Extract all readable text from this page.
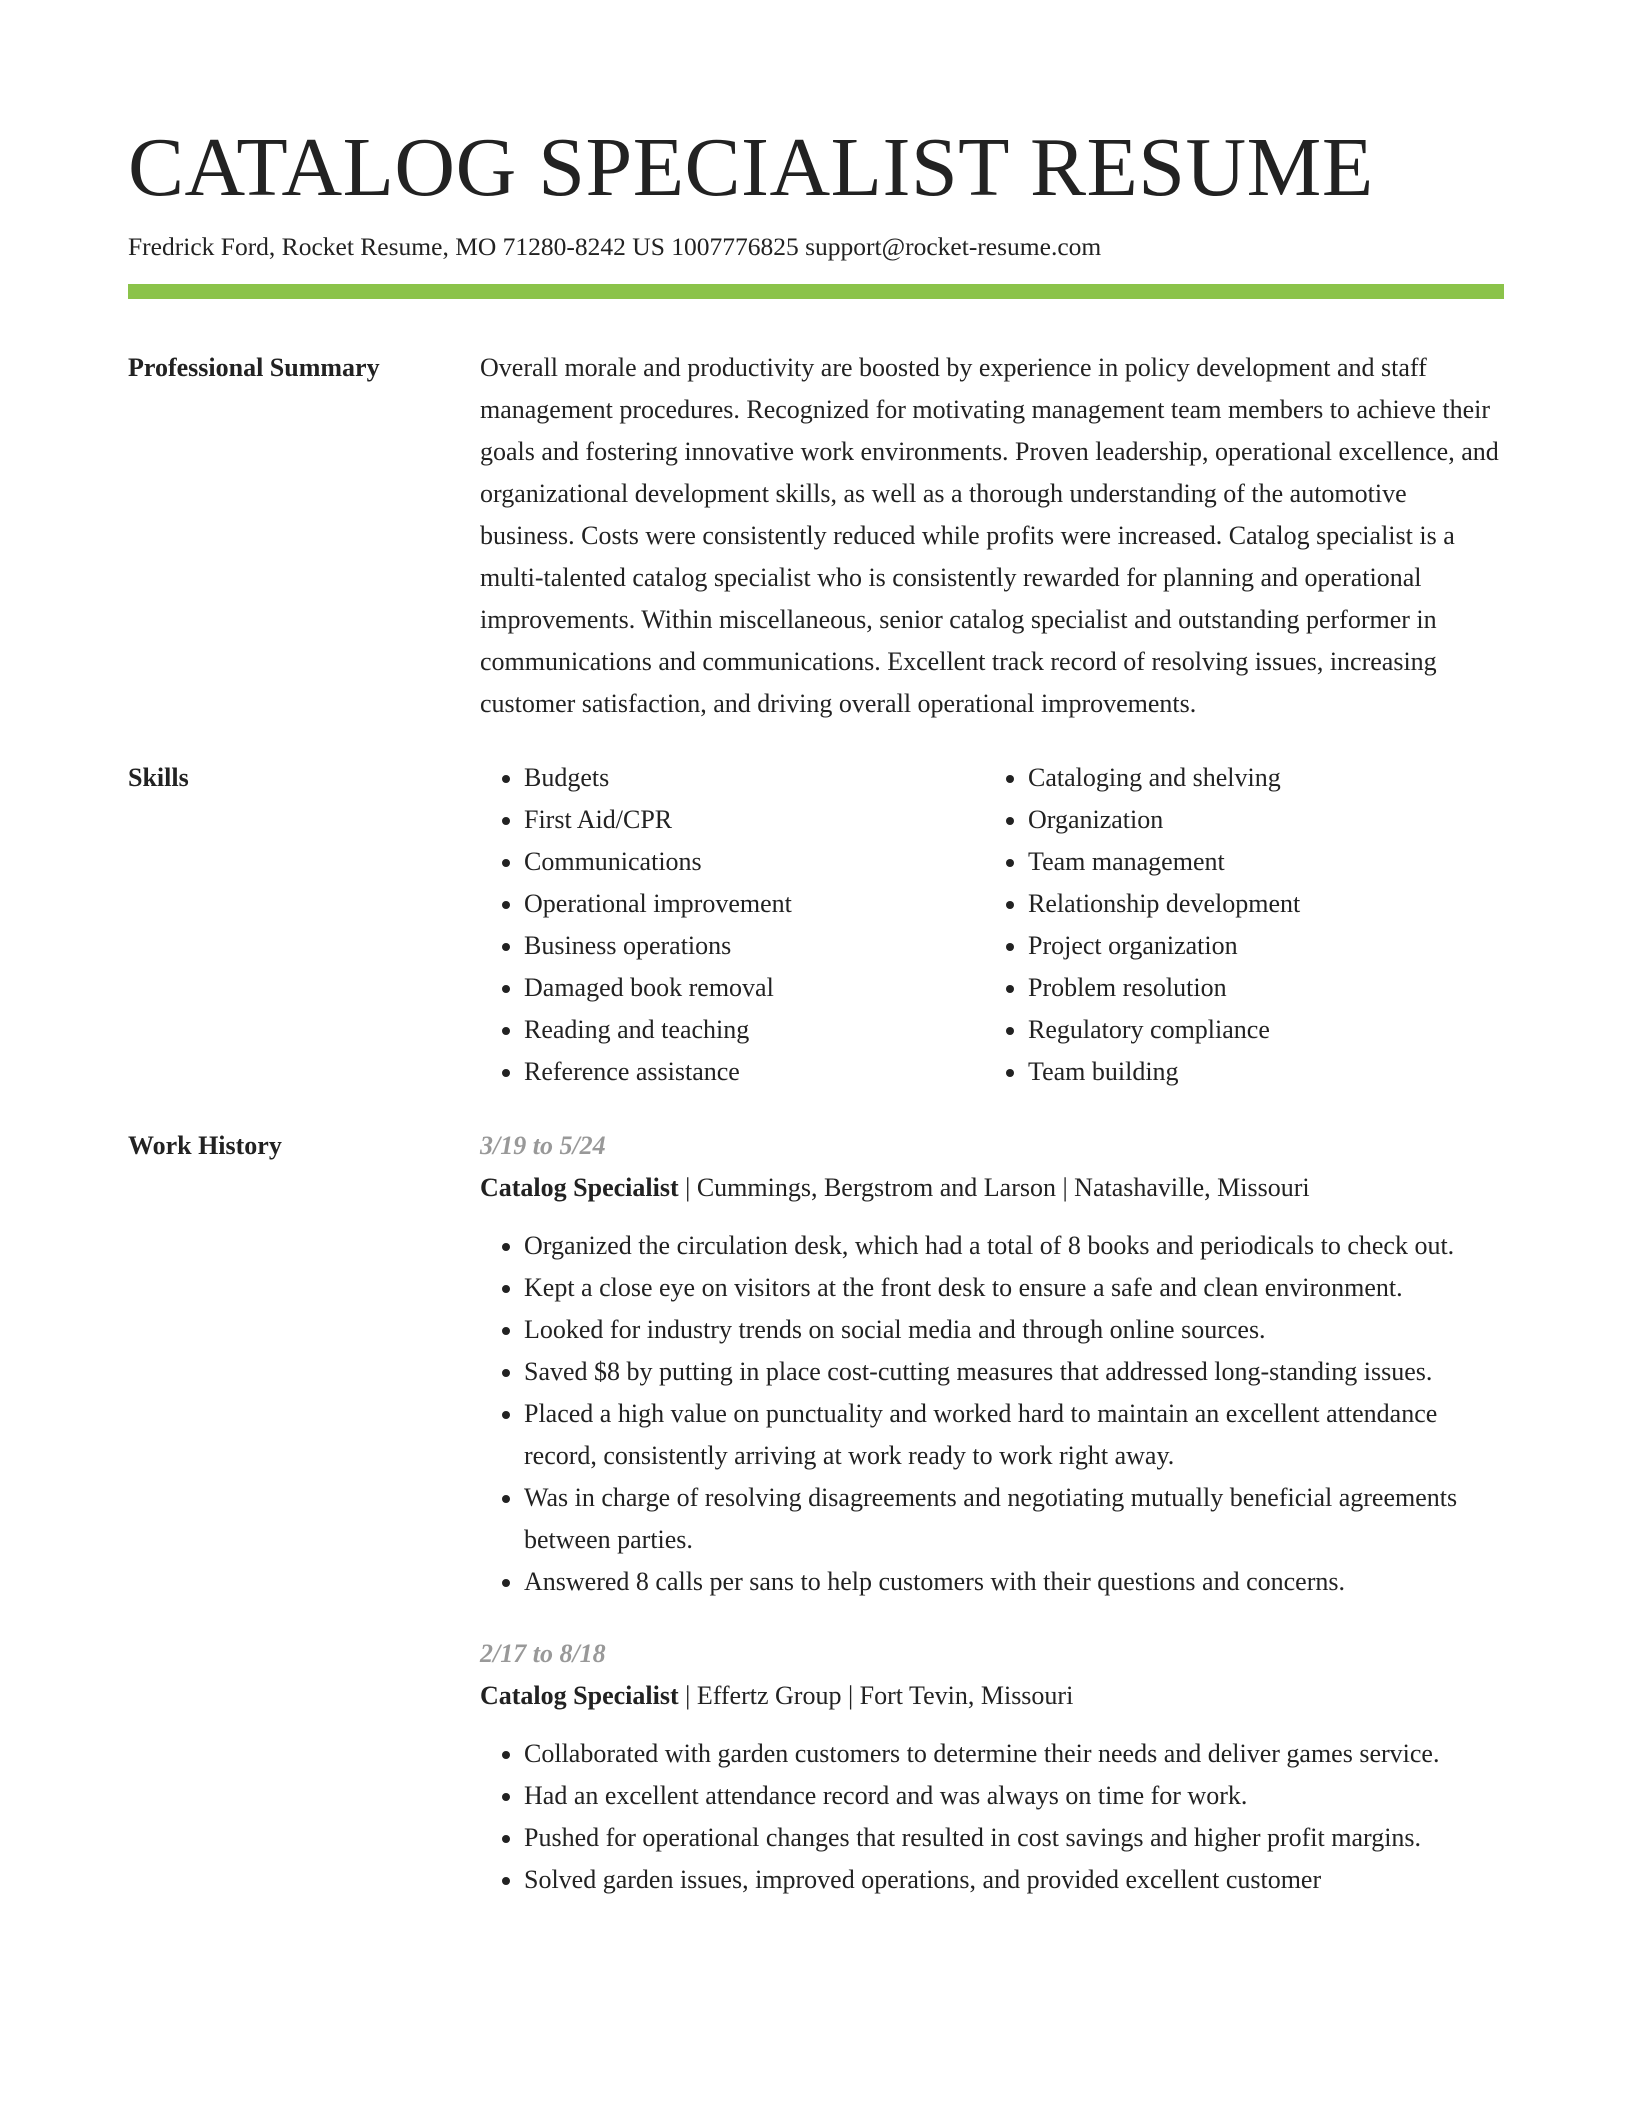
CATALOG SPECIALIST RESUME
Fredrick Ford, Rocket Resume, MO 71280-8242 US 1007776825 support@rocket-resume.com
Professional Summary	Overall morale and productivity are boosted by experience in policy development and staff management procedures. Recognized for motivating management team members to achieve their goals and fostering innovative work environments. Proven leadership, operational excellence, and organizational development skills, as well as a thorough understanding of the automotive business. Costs were consistently reduced while profits were increased. Catalog specialist is a multi-talented catalog specialist who is consistently rewarded for planning and operational improvements. Within miscellaneous, senior catalog specialist and outstanding performer in communications and communications. Excellent track record of resolving issues, increasing customer satisfaction, and driving overall operational improvements.

Skills
•	Budgets
• First Aid/CPR
• Communications
• Operational improvement
• Business operations
• Damaged book removal
• Reading and teaching
• Reference assistance
• Cataloging and shelving
• Organization
• Team management
• Relationship development
• Project organization
• Problem resolution
• Regulatory compliance
• Team building
Work History	3/19 to 5/24
Catalog Specialist | Cummings, Bergstrom and Larson | Natashaville, Missouri
• Organized the circulation desk, which had a total of 8 books and periodicals to check out.
• Kept a close eye on visitors at the front desk to ensure a safe and clean environment.
• Looked for industry trends on social media and through online sources.
• Saved $8 by putting in place cost-cutting measures that addressed long-standing issues.
• Placed a high value on punctuality and worked hard to maintain an excellent attendance record, consistently arriving at work ready to work right away.
• Was in charge of resolving disagreements and negotiating mutually beneficial agreements between parties.
• Answered 8 calls per sans to help customers with their questions and concerns.
2/17 to 8/18
Catalog Specialist | Effertz Group | Fort Tevin, Missouri
• Collaborated with garden customers to determine their needs and deliver games service.
• Had an excellent attendance record and was always on time for work.
• Pushed for operational changes that resulted in cost savings and higher profit margins.
• Solved garden issues, improved operations, and provided excellent customer
